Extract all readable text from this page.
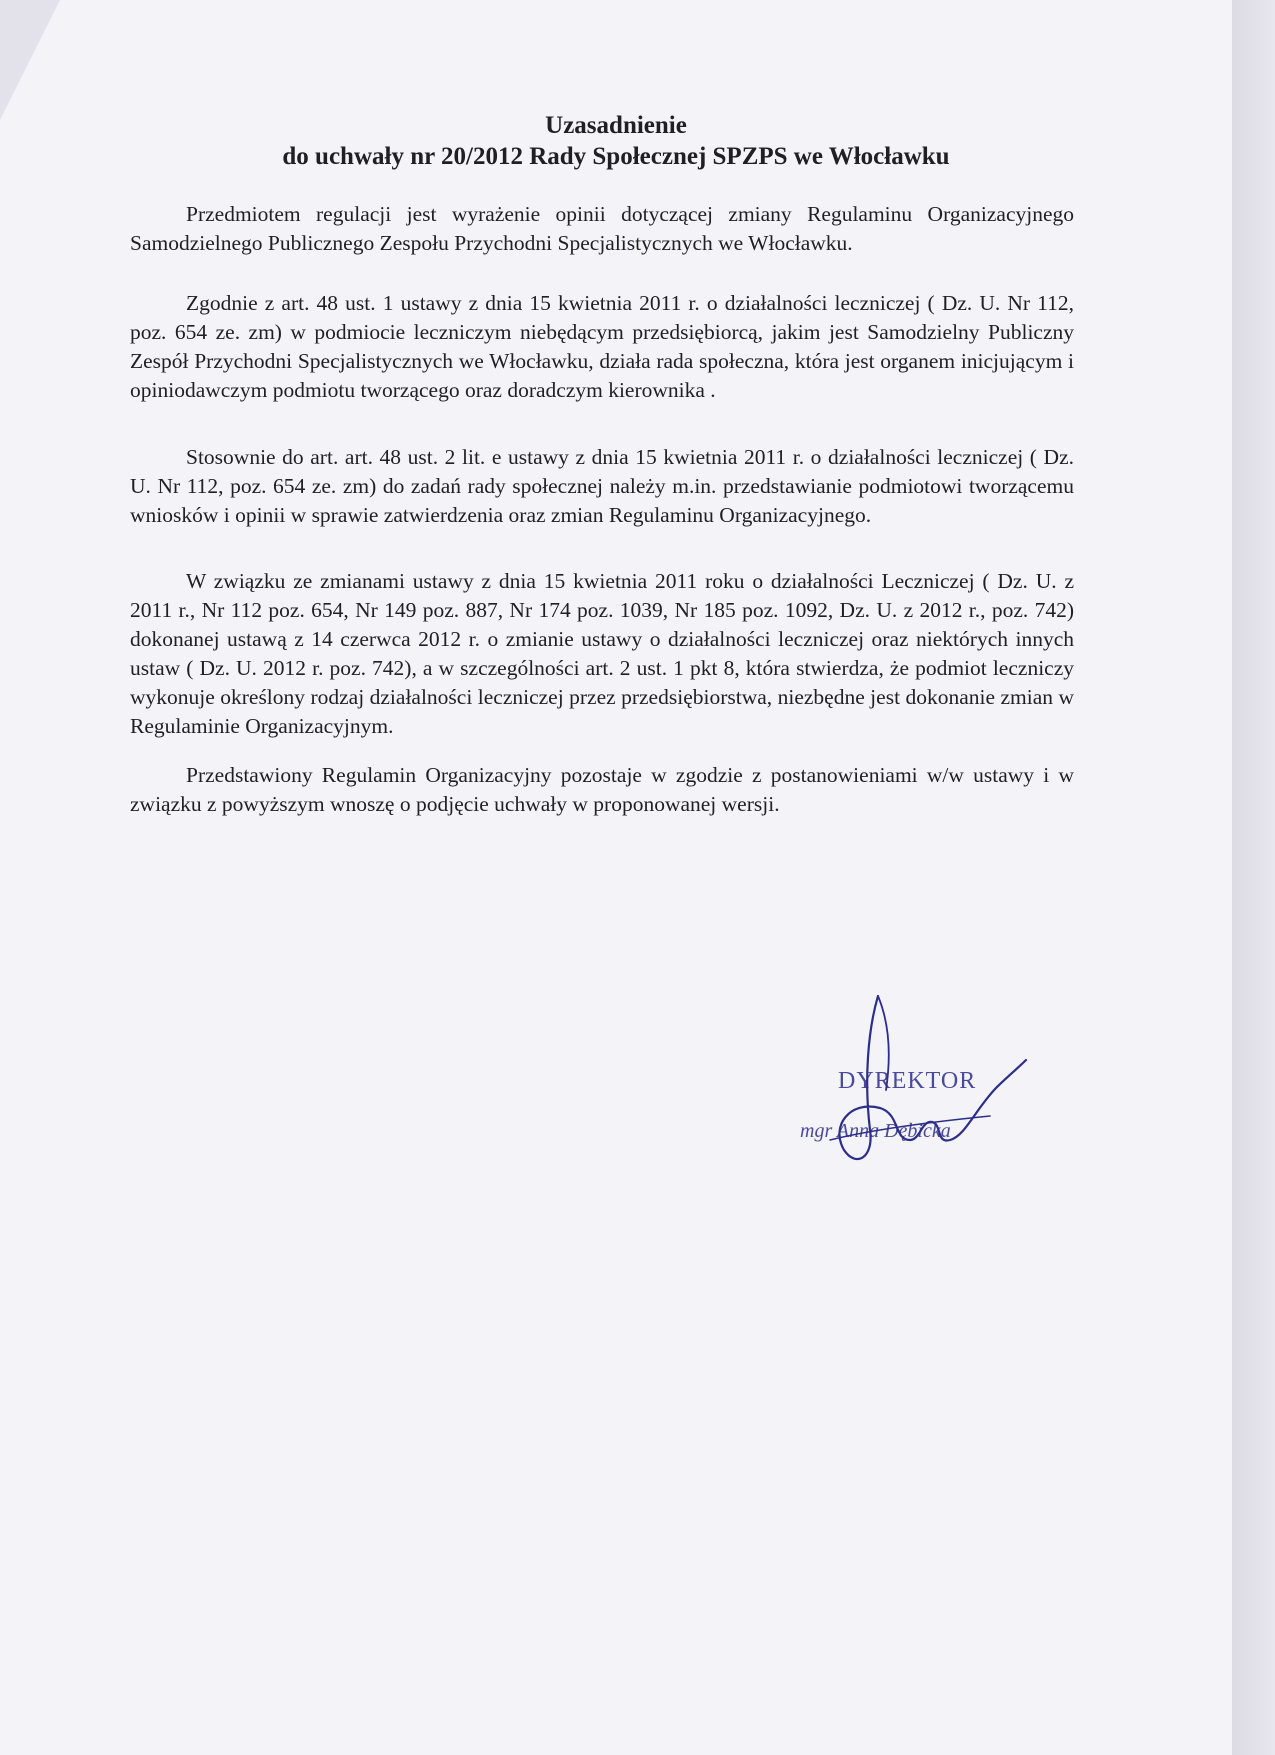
Uzasadnienie
do uchwały nr 20/2012 Rady Społecznej SPZPS we Włocławku
Przedmiotem regulacji jest wyrażenie opinii dotyczącej zmiany Regulaminu Organizacyjnego Samodzielnego Publicznego Zespołu Przychodni Specjalistycznych we Włocławku.
Zgodnie z art. 48 ust. 1 ustawy z dnia 15 kwietnia 2011 r. o działalności leczniczej ( Dz. U. Nr 112, poz. 654 ze. zm) w podmiocie leczniczym niebędącym przedsiębiorcą, jakim jest Samodzielny Publiczny Zespół Przychodni Specjalistycznych we Włocławku, działa rada społeczna, która jest organem inicjującym i opiniodawczym podmiotu tworzącego oraz doradczym kierownika .
Stosownie do art. art. 48 ust. 2 lit. e ustawy z dnia 15 kwietnia 2011 r. o działalności leczniczej ( Dz. U. Nr 112, poz. 654 ze. zm) do zadań rady społecznej należy m.in. przedstawianie podmiotowi tworzącemu wniosków i opinii w sprawie zatwierdzenia oraz zmian Regulaminu Organizacyjnego.
W związku ze zmianami ustawy z dnia 15 kwietnia 2011 roku o działalności Leczniczej ( Dz. U. z 2011 r., Nr 112 poz. 654, Nr 149 poz. 887, Nr 174 poz. 1039, Nr 185 poz. 1092, Dz. U. z 2012 r., poz. 742) dokonanej ustawą z 14 czerwca 2012 r. o zmianie ustawy o działalności leczniczej oraz niektórych innych ustaw ( Dz. U. 2012 r. poz. 742), a w szczególności art. 2 ust. 1 pkt 8, która stwierdza, że podmiot leczniczy wykonuje określony rodzaj działalności leczniczej przez przedsiębiorstwa, niezbędne jest dokonanie zmian w Regulaminie Organizacyjnym.
Przedstawiony Regulamin Organizacyjny pozostaje w zgodzie z postanowieniami w/w ustawy i w związku z powyższym wnoszę o podjęcie uchwały w proponowanej wersji.
DYREKTOR
mgr Anna Dębicka
